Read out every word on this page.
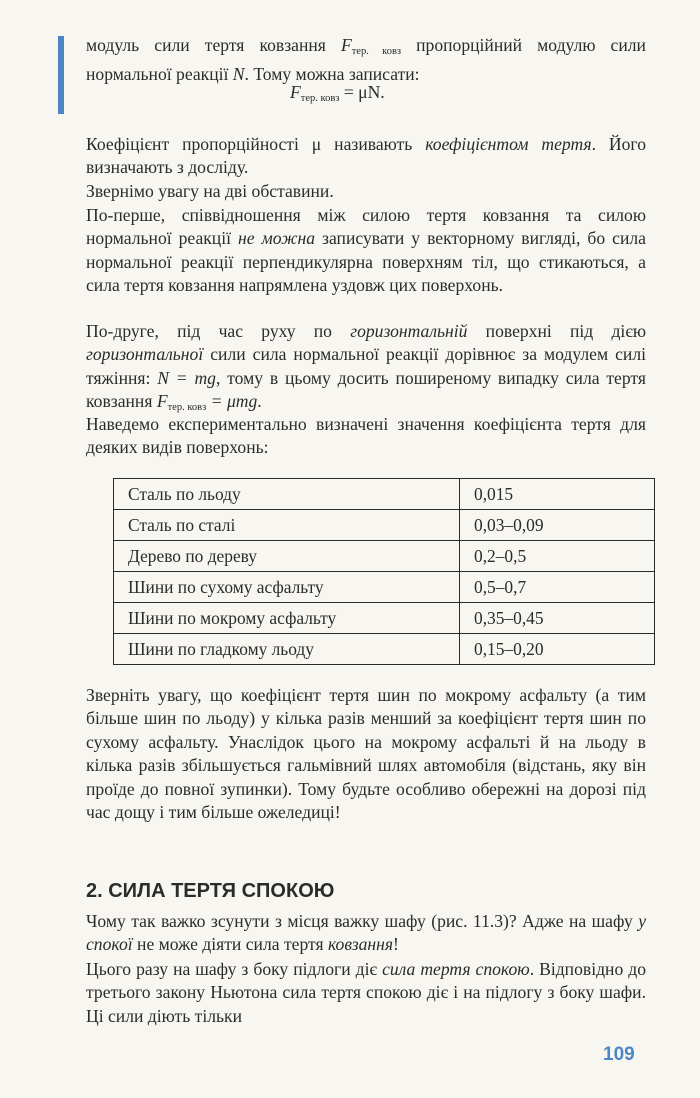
модуль сили тертя ковзання $F_{тер. ковз}$ пропорційний модулю сили нормальної реакції N. Тому можна записати:

$F_{тер. ковз} = \mu N$.

Коефіцієнт пропорційності μ називають коефіцієнтом тертя. Його визначають з досліду.

Звернімо увагу на дві обставини.

По-перше, співвідношення між силою тертя ковзання та силою нормальної реакції не можна записувати у векторному вигляді, бо сила нормальної реакції перпендикулярна поверхням тіл, що стикаються, а сила тертя ковзання напрямлена уздовж цих поверхонь.

По-друге, під час руху по горизонтальній поверхні під дією горизонтальної сили сила нормальної реакції дорівнює за модулем силі тяжіння: N = mg, тому в цьому досить поширеному випадку сила тертя ковзання $F_{тер. ковз} = \mu mg$.

Наведемо експериментально визначені значення коефіцієнта тертя для деяких видів поверхонь:

Сталь по льоду	0,015
Сталь по сталі	0,03–0,09
Дерево по дереву	0,2–0,5
Шини по сухому асфальту	0,5–0,7
Шини по мокрому асфальту	0,35–0,45
Шини по гладкому льоду	0,15–0,20

Зверніть увагу, що коефіцієнт тертя шин по мокрому асфальту (а тим більше шин по льоду) у кілька разів менший за коефіцієнт тертя шин по сухому асфальту. Унаслідок цього на мокрому асфальті й на льоду в кілька разів збільшується гальмівний шлях автомобіля (відстань, яку він проїде до повної зупинки). Тому будьте особливо обережні на дорозі під час дощу і тим більше ожеледиці!

2. СИЛА ТЕРТЯ СПОКОЮ

Чому так важко зсунути з місця важку шафу (рис. 11.3)? Адже на шафу у спокої не може діяти сила тертя ковзання!

Цього разу на шафу з боку підлоги діє сила тертя спокою. Відповідно до третього закону Ньютона сила тертя спокою діє і на підлогу з боку шафи. Ці сили діють тільки

109
